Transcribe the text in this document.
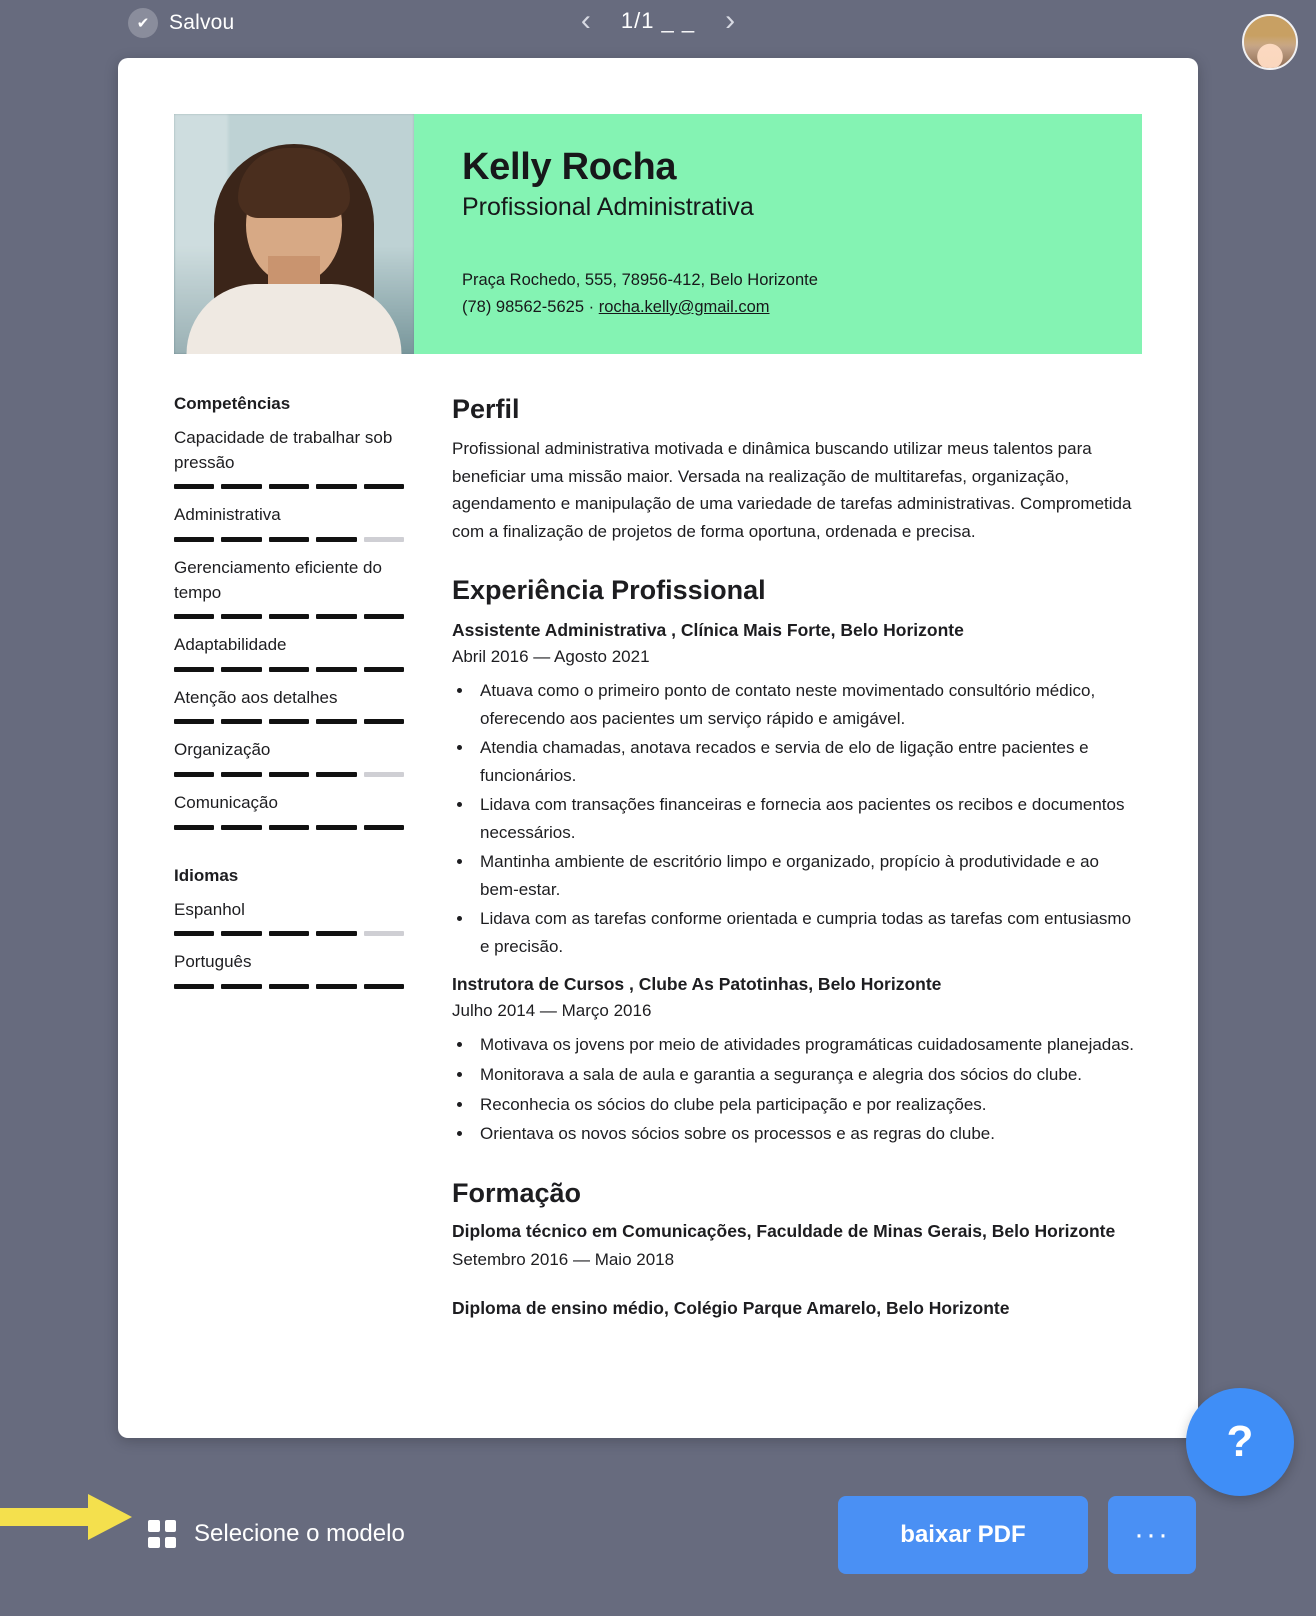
✔ Salvou	‹	1/1 _ _ ›
Kelly Rocha
Profissional Administrativa
Praça Rochedo, 555, 78956-412, Belo Horizonte
(78) 98562-5625 · rocha.kelly@gmail.com
Competências
Capacidade de trabalhar sob pressão
Administrativa
Gerenciamento eficiente do tempo
Adaptabilidade
Atenção aos detalhes
Organização
Comunicação
Idiomas
Espanhol
Português
Perfil

Profissional administrativa motivada e dinâmica buscando utilizar meus talentos para beneficiar uma missão maior. Versada na realização de multitarefas, organização, agendamento e manipulação de uma variedade de tarefas administrativas. Comprometida com a finalização de projetos de forma oportuna, ordenada e precisa.

Experiência Profissional
Assistente Administrativa , Clínica Mais Forte, Belo Horizonte
Abril 2016 — Agosto 2021
• Atuava como o primeiro ponto de contato neste movimentado consultório médico, oferecendo aos pacientes um serviço rápido e amigável.
• Atendia chamadas, anotava recados e servia de elo de ligação entre pacientes e funcionários.
• Lidava com transações financeiras e fornecia aos pacientes os recibos e documentos necessários.
• Mantinha ambiente de escritório limpo e organizado, propício à produtividade e ao bem-estar.
• Lidava com as tarefas conforme orientada e cumpria todas as tarefas com entusiasmo e precisão.
Instrutora de Cursos , Clube As Patotinhas, Belo Horizonte
Julho 2014 — Março 2016
• Motivava os jovens por meio de atividades programáticas cuidadosamente planejadas.
• Monitorava a sala de aula e garantia a segurança e alegria dos sócios do clube.
• Reconhecia os sócios do clube pela participação e por realizações.
• Orientava os novos sócios sobre os processos e as regras do clube.
Formação
Diploma técnico em Comunicações, Faculdade de Minas Gerais, Belo Horizonte
Setembro 2016 — Maio 2018
Diploma de ensino médio, Colégio Parque Amarelo, Belo Horizonte
Selecione o modelo	baixar PDF	···
?
